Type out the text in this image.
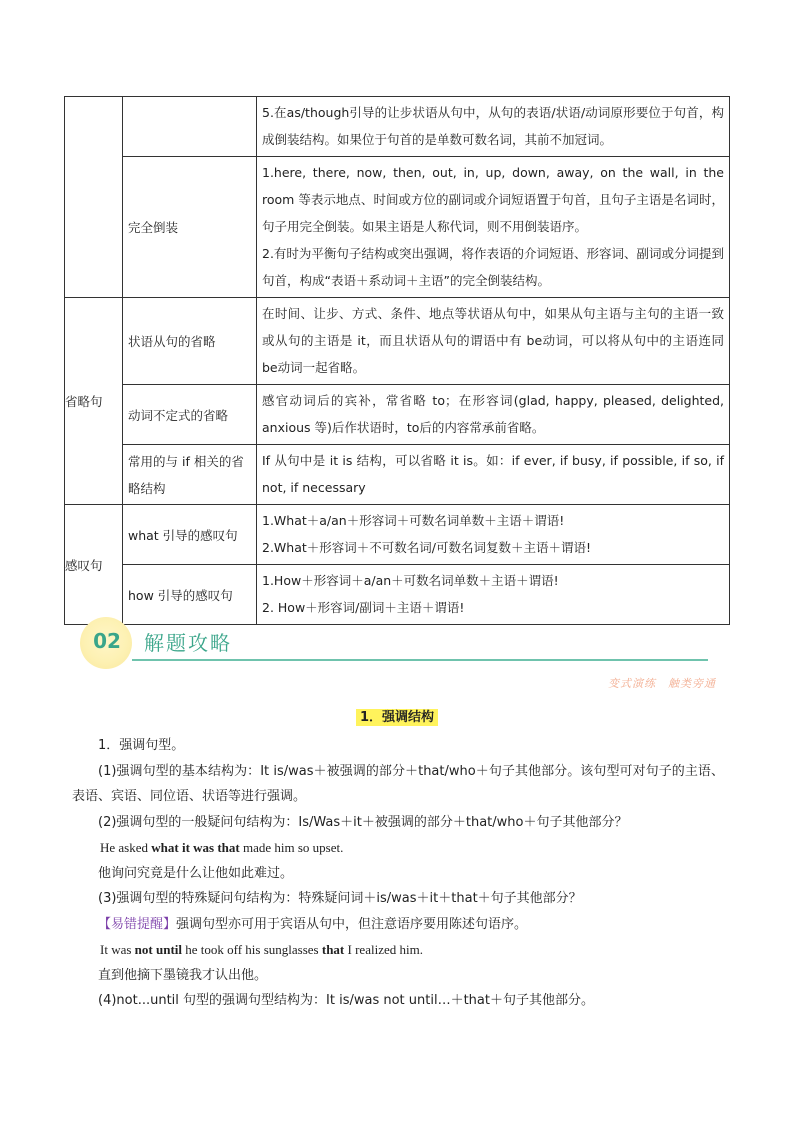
		5.在as/though引导的让步状语从句中，从句的表语/状语/动词原形要位于句首，构成倒装结构。如果位于句首的是单数可数名词，其前不加冠词。

	完全倒装	1.here, there, now, then, out, in, up, down, away, on the wall, in the room 等表示地点、时间或方位的副词或介词短语置于句首，且句子主语是名词时，句子用完全倒装。如果主语是人称代词，则不用倒装语序。

2.有时为平衡句子结构或突出强调，将作表语的介词短语、形容词、副词或分词提到句首，构成“表语＋系动词＋主语”的完全倒装结构。

省略句	状语从句的省略	在时间、让步、方式、条件、地点等状语从句中，如果从句主语与主句的主语一致或从句的主语是 it，而且状语从句的谓语中有 be动词，可以将从句中的主语连同 be动词一起省略。

	动词不定式的省略	感官动词后的宾补，常省略 to；在形容词(glad, happy, pleased, delighted, anxious 等)后作状语时，to后的内容常承前省略。

	常用的与 if 相关的省略结构	If 从句中是 it is 结构，可以省略 it is。如：if ever, if busy, if possible, if so, if not, if necessary

感叹句	what 引导的感叹句	1.What＋a/an＋形容词＋可数名词单数＋主语＋谓语!

2.What＋形容词＋不可数名词/可数名词复数＋主语＋谓语!

	how 引导的感叹句	1.How＋形容词＋a/an＋可数名词单数＋主语＋谓语!

2. How＋形容词/副词＋主语＋谓语!

02 解题攻略
变式演练　触类旁通
1．强调结构

1．强调句型。

(1)强调句型的基本结构为：It is/was＋被强调的部分＋that/who＋句子其他部分。该句型可对句子的主语、表语、宾语、同位语、状语等进行强调。

(2)强调句型的一般疑问句结构为：Is/Was＋it＋被强调的部分＋that/who＋句子其他部分？

He asked what it was that made him so upset.

他询问究竟是什么让他如此难过。

(3)强调句型的特殊疑问句结构为：特殊疑问词＋is/was＋it＋that＋句子其他部分？

【易错提醒】强调句型亦可用于宾语从句中，但注意语序要用陈述句语序。

It was not until he took off his sunglasses that I realized him.

直到他摘下墨镜我才认出他。

(4)not...until 句型的强调句型结构为：It is/was not until…＋that＋句子其他部分。
